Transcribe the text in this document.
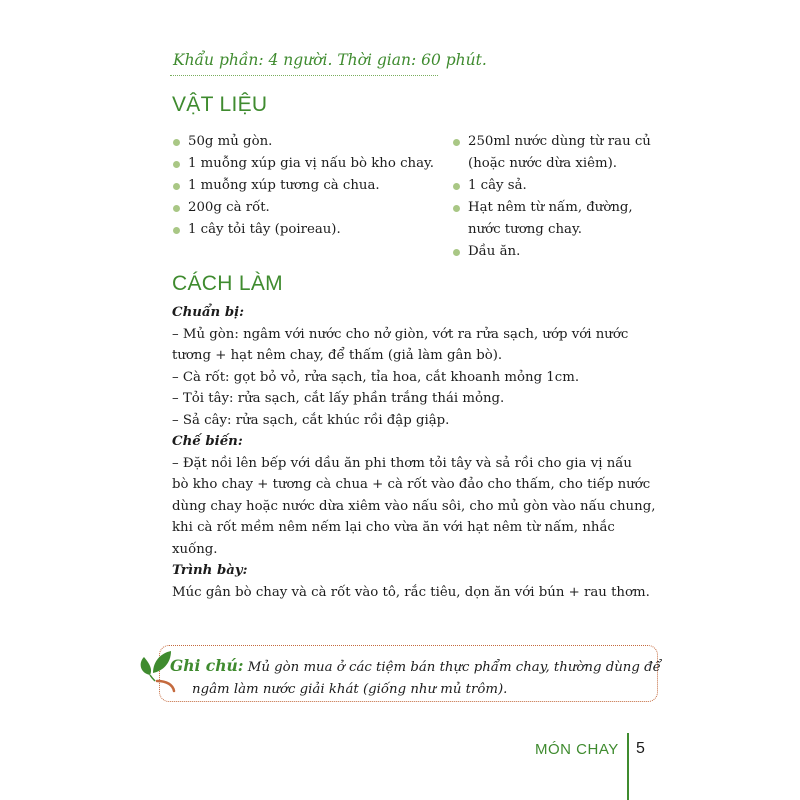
Khẩu phần: 4 người. Thời gian: 60 phút.
VẬT LIỆU
50g mủ gòn.
1 muỗng xúp gia vị nấu bò kho chay.
1 muỗng xúp tương cà chua.
200g cà rốt.
1 cây tỏi tây (poireau).
250ml nước dùng từ rau củ
(hoặc nước dừa xiêm).
1 cây sả.
Hạt nêm từ nấm, đường,
nước tương chay.
Dầu ăn.
CÁCH LÀM

Chuẩn bị:

– Mủ gòn: ngâm với nước cho nở giòn, vớt ra rửa sạch, ướp với nước

tương + hạt nêm chay, để thấm (giả làm gân bò).

– Cà rốt: gọt bỏ vỏ, rửa sạch, tỉa hoa, cắt khoanh mỏng 1cm.

– Tỏi tây: rửa sạch, cắt lấy phần trắng thái mỏng.

– Sả cây: rửa sạch, cắt khúc rồi đập giập.

Chế biến:

– Đặt nồi lên bếp với dầu ăn phi thơm tỏi tây và sả rồi cho gia vị nấu

bò kho chay + tương cà chua + cà rốt vào đảo cho thấm, cho tiếp nước

dùng chay hoặc nước dừa xiêm vào nấu sôi, cho mủ gòn vào nấu chung,

khi cà rốt mềm nêm nếm lại cho vừa ăn với hạt nêm từ nấm, nhắc

xuống.

Trình bày:

Múc gân bò chay và cà rốt vào tô, rắc tiêu, dọn ăn với bún + rau thơm.

Ghi chú: Mủ gòn mua ở các tiệm bán thực phẩm chay, thường dùng để
ngâm làm nước giải khát (giống như mủ trôm).
MÓN CHAY 5
